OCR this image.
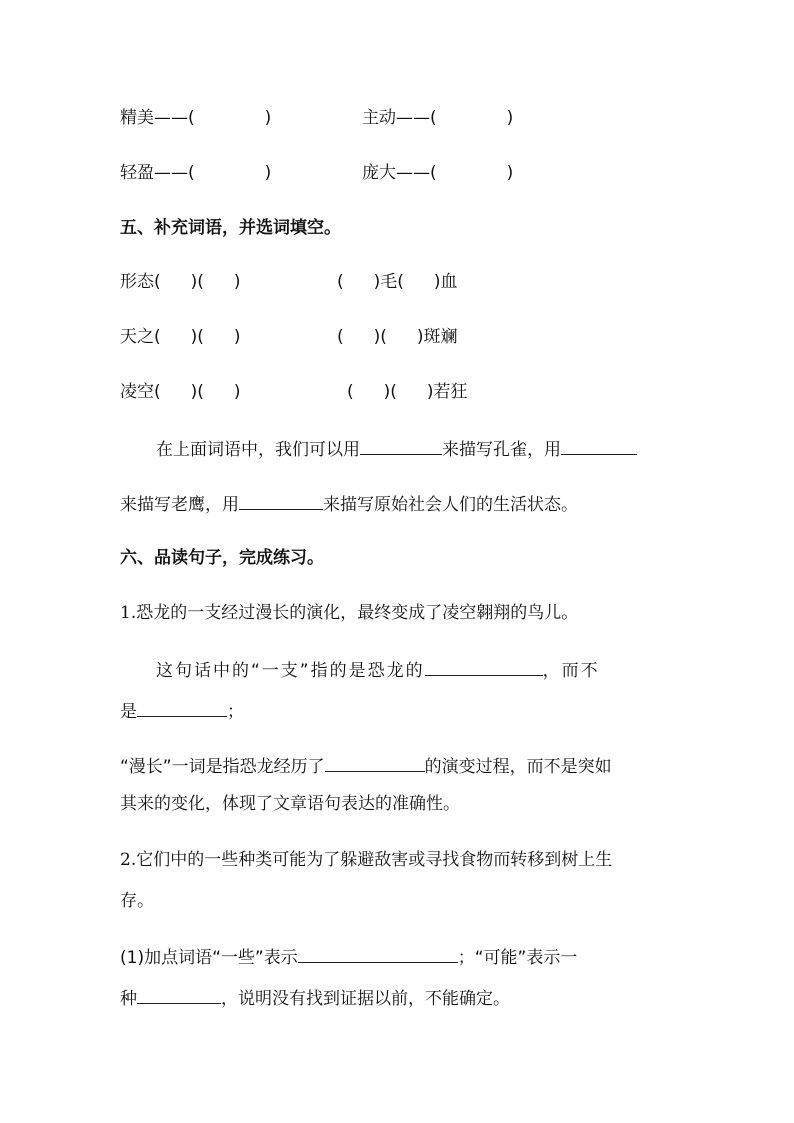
精美——(	)	主动——(	)
轻盈——(	)	庞大——(	)
五、补充词语，并选词填空。
形态( )( )	( )毛( )血
天之( )( )	( )( )斑斓
凌空( )( )	( )( )若狂
在上面词语中，我们可以用	来描写孔雀，用
来描写老鹰，用	来描写原始社会人们的生活状态。
六、品读句子，完成练习。
1.恐龙的一支经过漫长的演化，最终变成了凌空翱翔的鸟儿。
这句话中的“一支”指的是恐龙的	，而不
是	；
“漫长”一词是指恐龙经历了	的演变过程，而不是突如
其来的变化，体现了文章语句表达的准确性。
2.它们中的一些种类可能为了躲避敌害或寻找食物而转移到树上生
存。
(1)加点词语“一些”表示	；“可能”表示一
种	，说明没有找到证据以前，不能确定。
